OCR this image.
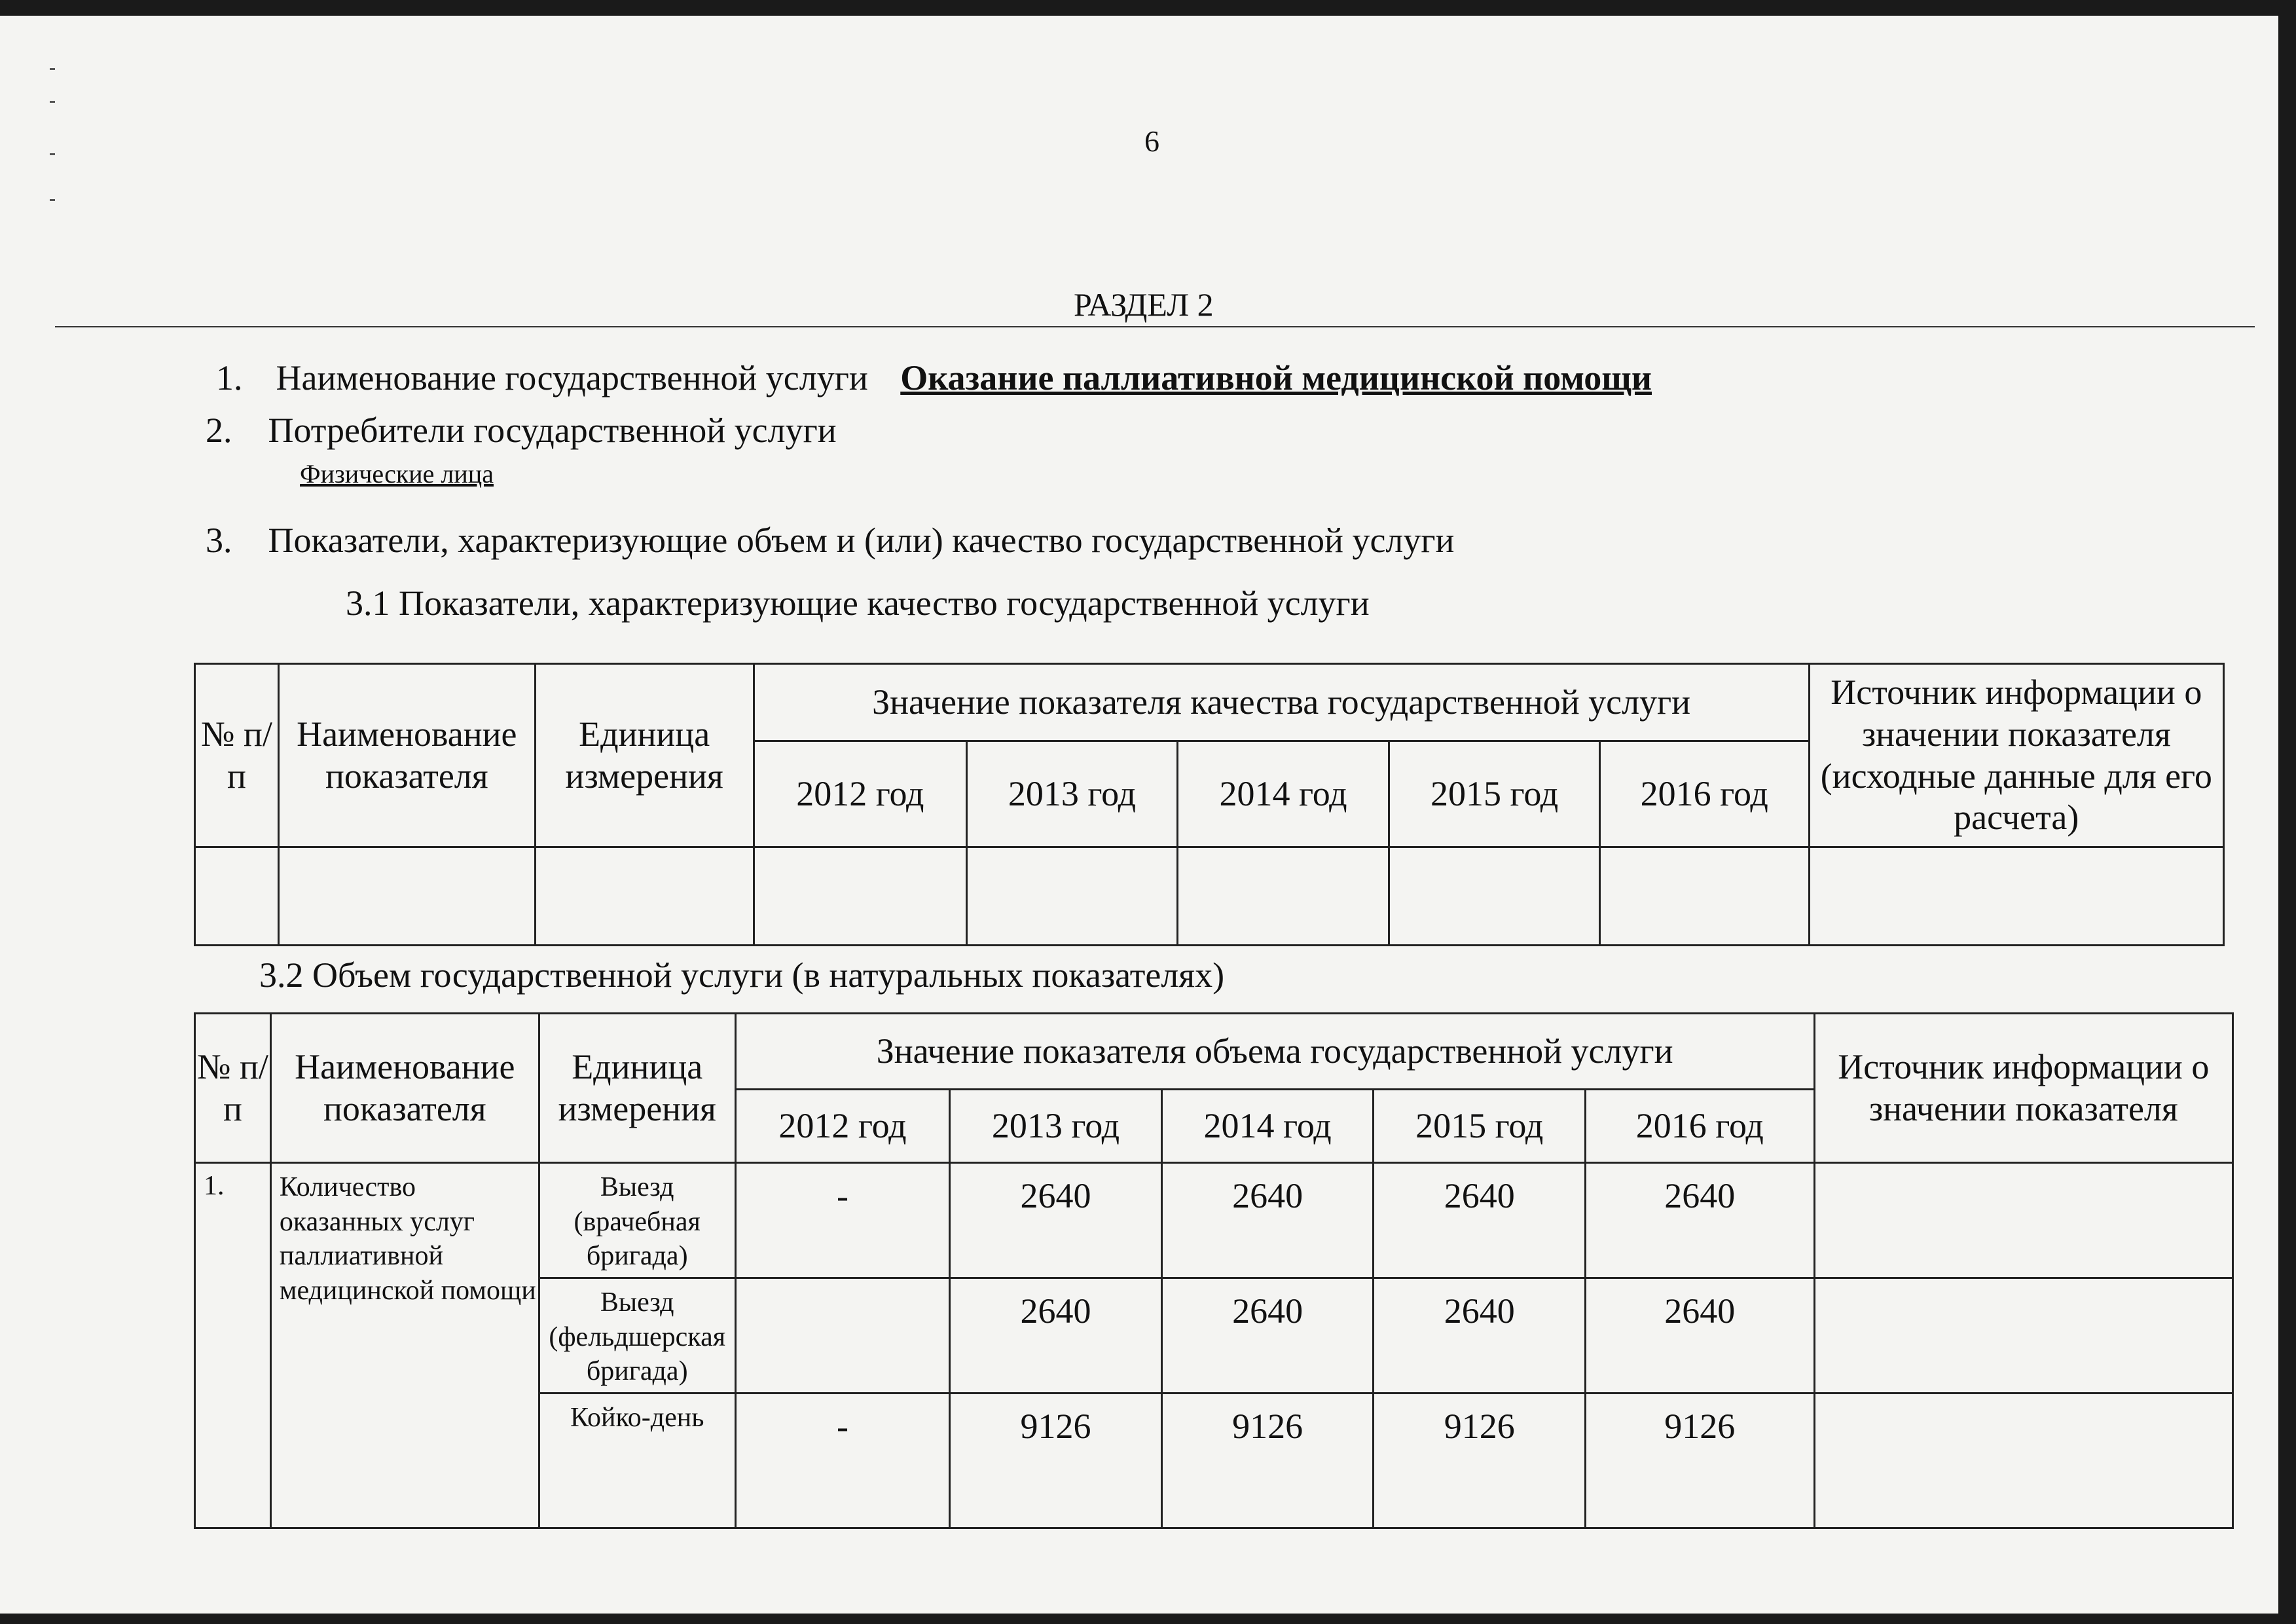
6
РАЗДЕЛ 2
1. Наименование государственной услуги Оказание паллиативной медицинской помощи
2. Потребители государственной услуги
Физические лица
3. Показатели, характеризующие объем и (или) качество государственной услуги
3.1 Показатели, характеризующие качество государственной услуги
№ п/п	Наименование показателя	Единица измерения	Значение показателя качества государственной услуги					Источник информации о значении показателя (исходные данные для его расчета)
			2012 год	2013 год	2014 год	2015 год	2016 год	

3.2 Объем государственной услуги (в натуральных показателях)
№ п/п	Наименование показателя	Единица измерения	Значение показателя объема государственной услуги					Источник информации о значении показателя
			2012 год	2013 год	2014 год	2015 год	2016 год	
1.	Количество оказанных услуг паллиативной медицинской помощи	Выезд (врачебная бригада)	-	2640	2640	2640	2640	
		Выезд (фельдшерская бригада)		2640	2640	2640	2640	
		Койко-день	-	9126	9126	9126	9126	
